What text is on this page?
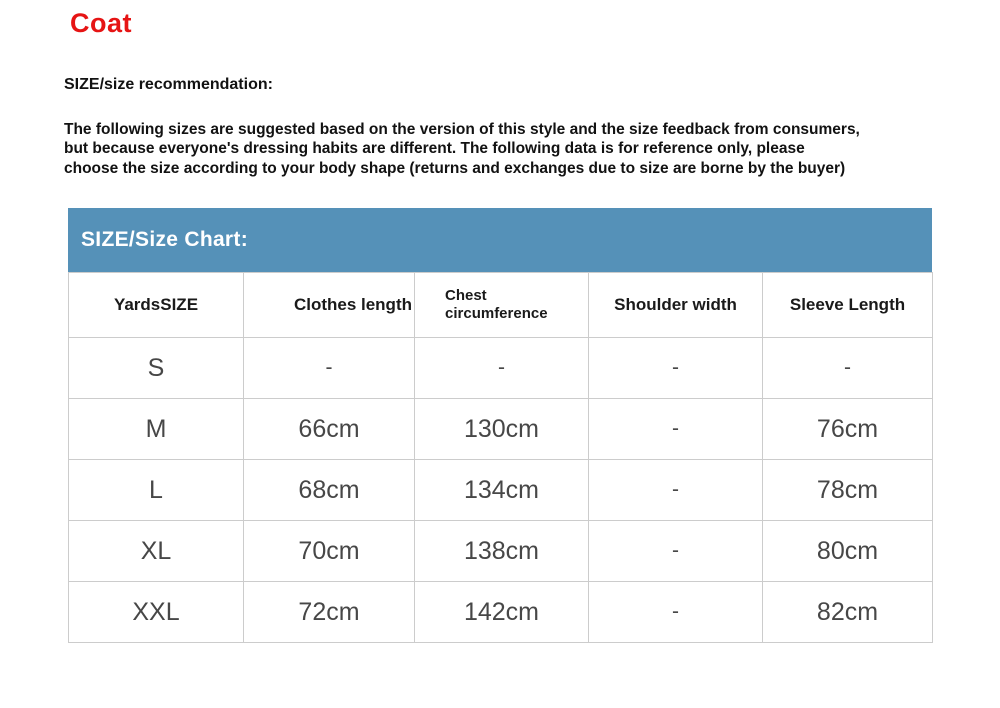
Coat
SIZE/size recommendation:
The following sizes are suggested based on the version of this style and the size feedback from consumers,
but because everyone's dressing habits are different. The following data is for reference only, please
choose the size according to your body shape (returns and exchanges due to size are borne by the buyer)
SIZE/Size Chart:
YardsSIZE	Clothes length	Chest circumference	Shoulder width	Sleeve Length
S	-	-	-	-
M	66cm	130cm	-	76cm
L	68cm	134cm	-	78cm
XL	70cm	138cm	-	80cm
XXL	72cm	142cm	-	82cm
